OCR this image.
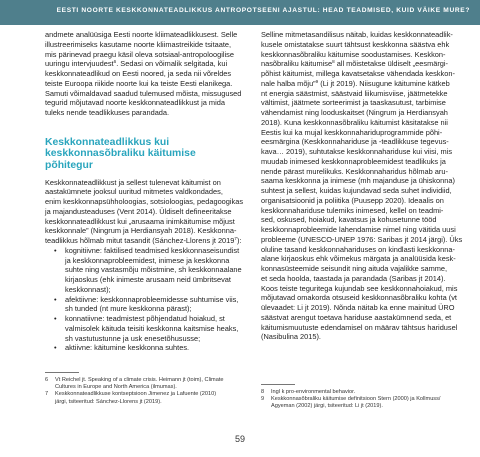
EESTI NOORTE KESKKONNATEADLIKKUS ANTROPOTSEENI AJASTUL: HEAD TEADMISED, KUID VÄIKE MURE?
andmete analüüsiga Eesti noorte kliimateadlikkusest. Selle
illustreerimiseks kasutame noorte kliimastreikide tsitaate,
mis pärinevad praegu käsil oleva sotsiaal-antropoloogilise
uuringu intervjuudest$^6$. Sedasi on võimalik selgitada, kui
keskkonnateadlikud on Eesti noored, ja seda nii võreldes
teiste Euroopa riikide noorte kui ka teiste Eesti elanikega.
Samuti võimaldavad saadud tulemused mõista, missugused
tegurid mõjutavad noorte keskkonnateadlikkust ja mida
tuleks nende teadlikkuses parandada.
Keskkonnateadlikkus kui
keskkonnasõbraliku käitumise
põhitegur
Keskkonnateadlikkust ja sellest tulenevat käitumist on
aastakümnete jooksul uuritud mitmetes valdkondades,
enim keskkonnapsühholoogias, sotsioloogias, pedagoogikas
ja majandusteaduses (Vent 2014). Üldiselt defineeritakse
keskkonnateadlikkust kui „arusaama inimkäitumise mõjust
keskkonnale” (Ningrum ja Herdiansyah 2018). Keskkonna-
teadlikkus hõlmab mitut tasandit (Sánchez-Llorens jt 2019$^7$):
• kognitiivne: faktilised teadmised keskkonnaseisundist
ja keskkonnaprobleemidest, inimese ja keskkonna
suhte ning vastasmõju mõistmine, sh keskkonnaalane
kirjaoskus (ehk inimeste arusaam neid ümbritsevat
keskkonnast);
• afektiivne: keskkonnaprobleemidesse suhtumise viis,
sh tunded (nt mure keskkonna pärast);
• konnatiivne: teadmistest põhjendatud hoiakud, st
valmisolek käituda teisiti keskkonna kaitsmise heaks,
sh vastutustunne ja usk enesetõhususse;
• aktiivne: käitumine keskkonna suhtes.
6 Vt Reichel jt. Speaking of a climate crisis. Heimann jt (toim), Climate
Cultures in Europe and North America (ilmumas).
7 Keskkonnateadlikkuse kontseptsioon Jimenez ja Lafuente (2010)
järgi, tsiteeritud: Sánchez-Llorens jt (2019).
Selline mitmetasandilisus näitab, kuidas keskkonnateadlik-
kusele omistatakse suurt tähtsust keskkonna säästva ehk
keskkonnasõbraliku käitumise soodustamises. Keskkon-
nasõbraliku käitumise$^8$ all mõistetakse üldiselt „eesmärgi-
põhist käitumist, millega kavatsetakse vähendada keskkon-
nale halba mõju”$^9$ (Li jt 2019). Niisugune käitumine kätkeb
nt energia säästmist, säästvaid liikumisviise, jäätmetekke
vältimist, jäätmete sorteerimist ja taaskasutust, tarbimise
vähendamist ning looduskaitset (Ningrum ja Herdiansyah
2018). Kuna keskkonnasõbraliku käitumist käsitatakse nii
Eestis kui ka mujal keskkonnahariduprogrammide põhi-
eesmärgina (Keskkonnahariduse ja -teadlikkuse tegevus-
kava… 2019), suhtutakse keskkonnahariduse kui viisi, mis
muudab inimesed keskkonnaprobleemidest teadlikuks ja
nende pärast murelikuks. Keskkonnaharidus hõlmab aru-
saama keskkonna ja inimese (mh majanduse ja ühiskonna)
suhtest ja sellest, kuidas kujundavad seda suhet individiid,
organisatsioonid ja poliitika (Puusepp 2020). Ideaalis on
keskkonnahariduse tulemiks inimesed, kellel on teadmi-
sed, oskused, hoiakud, kavatsus ja kohusetunne tööd
keskkonnaprobleemide lahendamise nimel ning väitida uusi
probleeme (UNESCO-UNEP 1976: Saribas jt 2014 järgi). Üks
oluline tasand keskkonnahariduses on kindlasti keskkonna-
alane kirjaoskus ehk võimekus märgata ja analüüsida kesk-
konnasüsteemide seisundit ning aituda vajalikke samme,
et seda hoolda, taastada ja parandada (Saribas jt 2014).
Koos teiste teguritega kujundab see keskkonnahoiakud, mis
mõjutavad omakorda otsuseid keskkonnasõbraliku kohta (vt
ülevaadet: Li jt 2019). Nõnda näitab ka enne mainitud ÜRO
säästvat arengut toetava hariduse aastakümnend seda, et
käitumismuutuste edendamisel on määrav tähtsus haridusel
(Nasibulina 2015).
8 Ingl k pro-environmental behavior.
9 Keskkonnasõbraliku käitumise definitsioon Stern (2000) ja Kollmuss/
Agyeman (2002) järgi, tsiteeritud: Li jt (2019).
59
